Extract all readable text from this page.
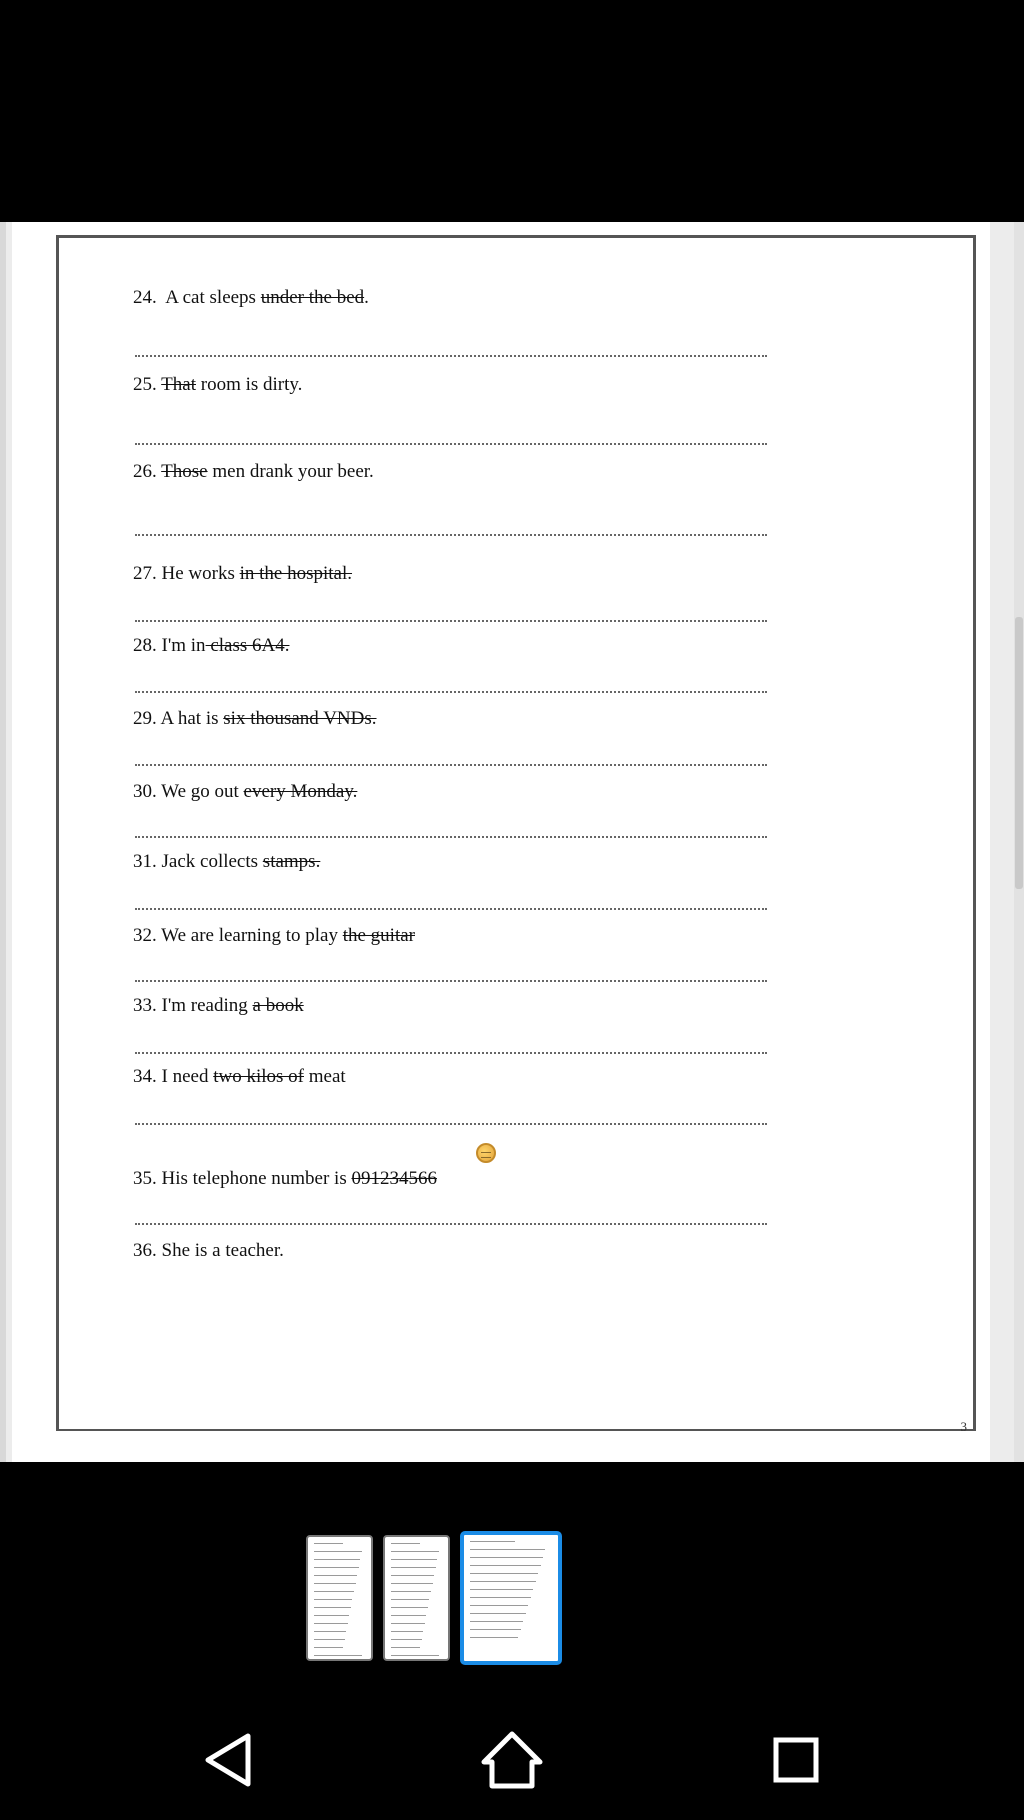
3
24. A cat sleeps under the bed.
25. That room is dirty.
26. Those men drank your beer.
27. He works in the hospital.
28. I'm in class 6A4.
29. A hat is six thousand VNDs.
30. We go out every Monday.
31. Jack collects stamps.
32. We are learning to play the guitar
33. I'm reading a book
34. I need two kilos of meat
35. His telephone number is 091234566
36. She is a teacher.
